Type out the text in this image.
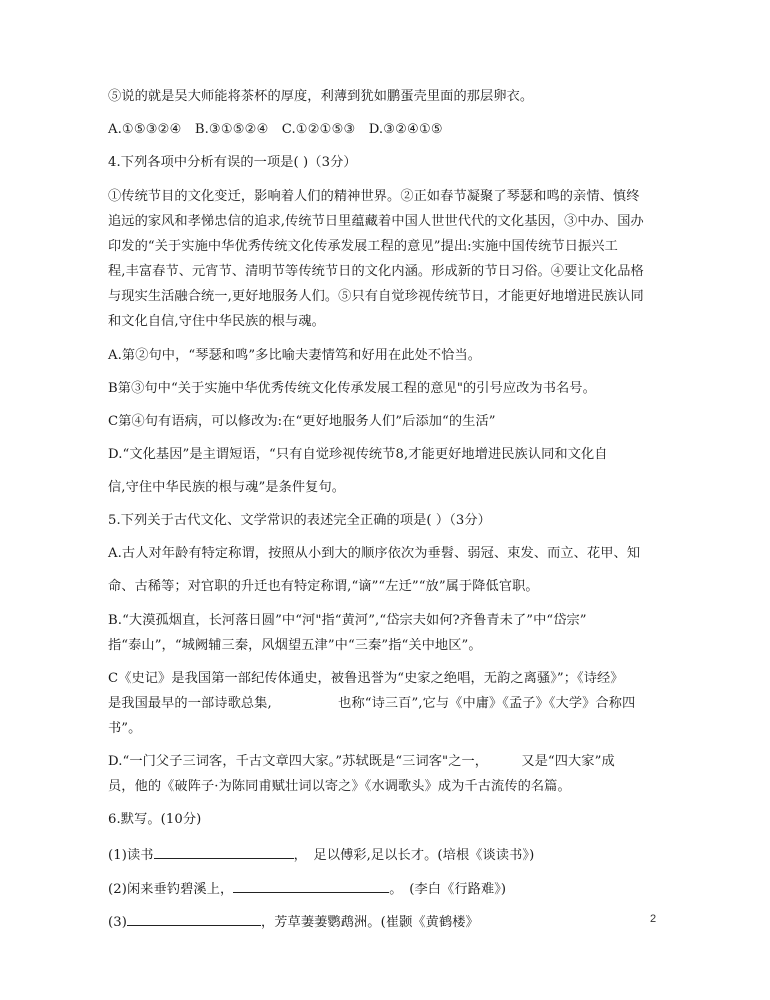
⑤说的就是吴大师能将茶杯的厚度，利薄到犹如鹏蛋壳里面的那层卵衣。
A.①⑤③②④　B.③①⑤②④　C.①②①⑤③　D.③②④①⑤
4.下列各项中分析有误的一项是( )（3分）
①传统节目的文化变迁，影响着人们的精神世界。②正如春节凝聚了琴瑟和鸣的亲情、慎终
追远的家风和孝悌忠信的追求,传统节日里蕴藏着中国人世世代代的文化基因，③中办、国办
印发的“关于实施中华优秀传统文化传承发展工程的意见”提出:实施中国传统节日振兴工
程,丰富春节、元宵节、清明节等传统节日的文化内涵。形成新的节日习俗。④要让文化品格
与现实生活融合统一,更好地服务人们。⑤只有自觉珍视传统节日，才能更好地增进民族认同
和文化自信,守住中华民族的根与魂。
A.第②句中，“琴瑟和鸣”多比喻夫妻情笃和好用在此处不恰当。
B第③句中“关于实施中华优秀传统文化传承发展工程的意见"的引号应改为书名号。
C第④句有语病，可以修改为:在“更好地服务人们”后添加“的生活”
D.“文化基因”是主谓短语，“只有自觉珍视传统节8,才能更好地增进民族认同和文化自
信,守住中华民族的根与魂”是条件复句。
5.下列关于古代文化、文学常识的表述完全正确的项是( ）（3分）
A.古人对年龄有特定称谓，按照从小到大的顺序依次为垂髫、弱冠、束发、而立、花甲、知
命、古稀等；对官职的升迁也有特定称谓,“谪”“左迁”“放”属于降低官职。
B.“大漠孤烟直，长河落日圆”中“河"指“黄河”,“岱宗夫如何?齐鲁青未了”中“岱宗”
指“泰山”，“城阙辅三秦，风烟望五津”中“三秦”指“关中地区”。
C《史记》是我国第一部纪传体通史，被鲁迅誉为“史家之绝唱，无韵之离骚》”；《诗经》
是我国最早的一部诗歌总集,　　　　　也称“诗三百”,它与《中庸》《孟子》《大学》合称四
书”。
D.“一门父子三词客，千古文章四大家。”苏轼既是“三词客"之一，　　　又是“四大家”成
员，他的《破阵子·为陈同甫赋壮词以寄之》《水调歌头》成为千古流传的名篇。
6.默写。(10分)
(1)读书	，　足以傅彩,足以长才。(培根《谈读书》)
(2)闲来垂钓碧溪上，	。　(李白《行路难》)
(3)	，芳草萋萋鹦鹉洲。(崔颢《黄鹤楼》	2
